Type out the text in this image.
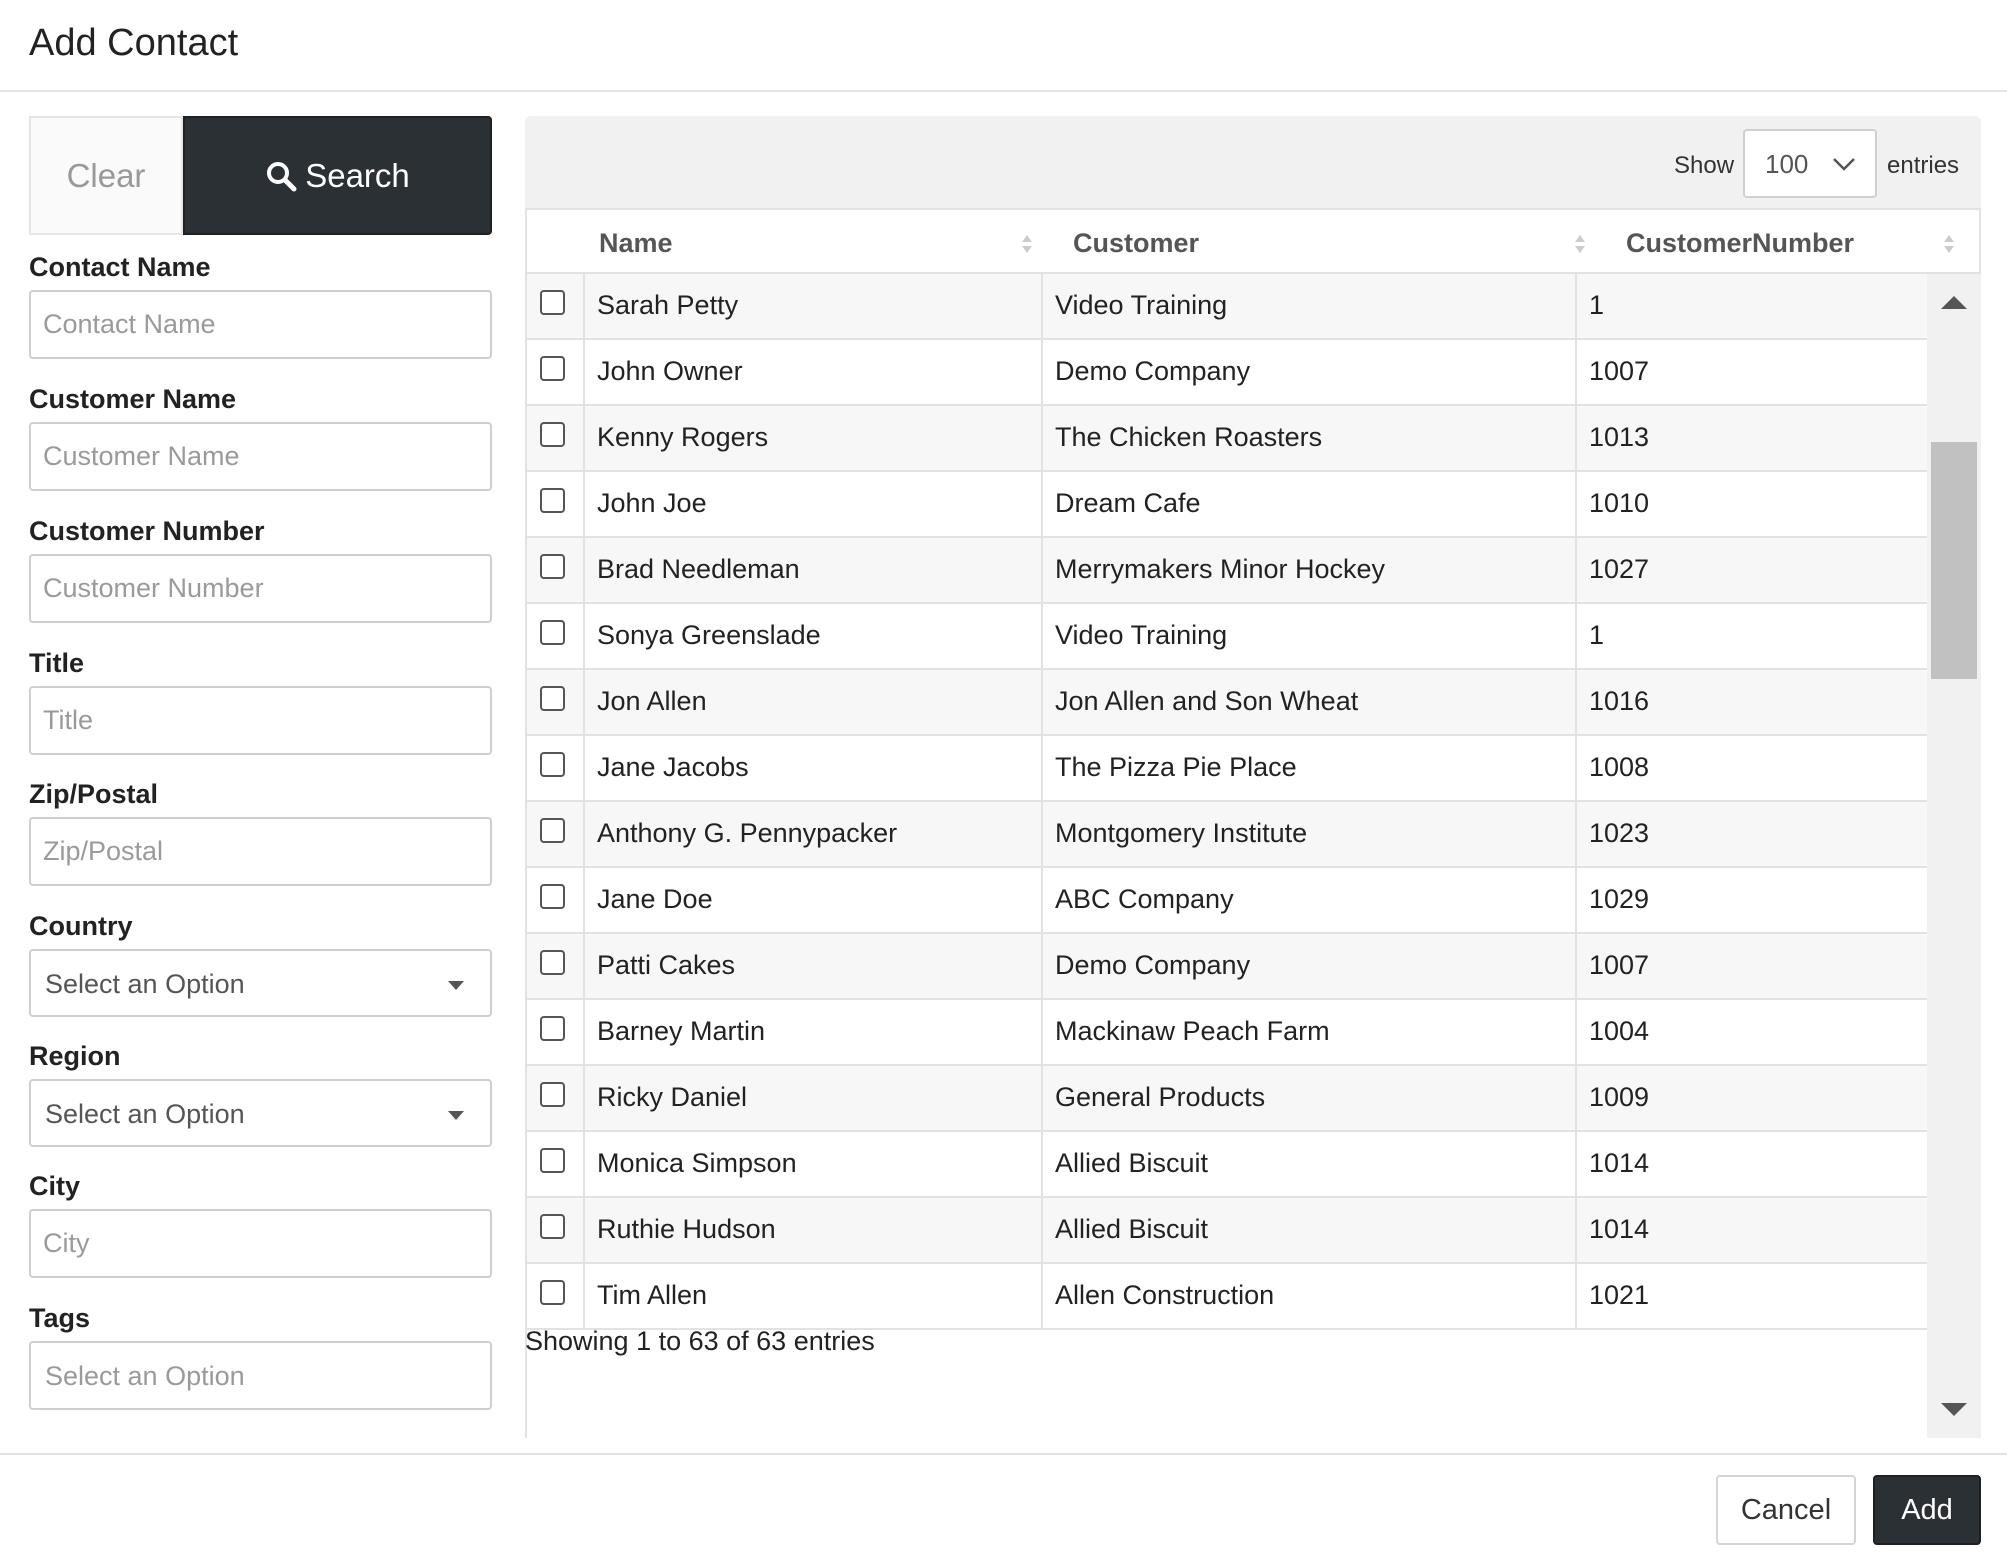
Add Contact
Clear	Search
Contact Name
Contact Name
Customer Name
Customer Name
Customer Number
Customer Number
Title
Title
Zip/Postal
Zip/Postal
Country
Select an Option
Region
Select an Option
City
City
Tags
Select an Option
Show 100	entries
Name	Customer	CustomerNumber
Sarah Petty	Video Training	1
John Owner	Demo Company	1007
Kenny Rogers	The Chicken Roasters	1013
John Joe	Dream Cafe	1010
Brad Needleman	Merrymakers Minor Hockey	1027
Sonya Greenslade	Video Training	1
Jon Allen	Jon Allen and Son Wheat	1016
Jane Jacobs	The Pizza Pie Place	1008
Anthony G. Pennypacker	Montgomery Institute	1023
Jane Doe	ABC Company	1029
Patti Cakes	Demo Company	1007
Barney Martin	Mackinaw Peach Farm	1004
Ricky Daniel	General Products	1009
Monica Simpson	Allied Biscuit	1014
Ruthie Hudson	Allied Biscuit	1014
Tim Allen	Allen Construction	1021
Showing 1 to 63 of 63 entries
Cancel	Add
